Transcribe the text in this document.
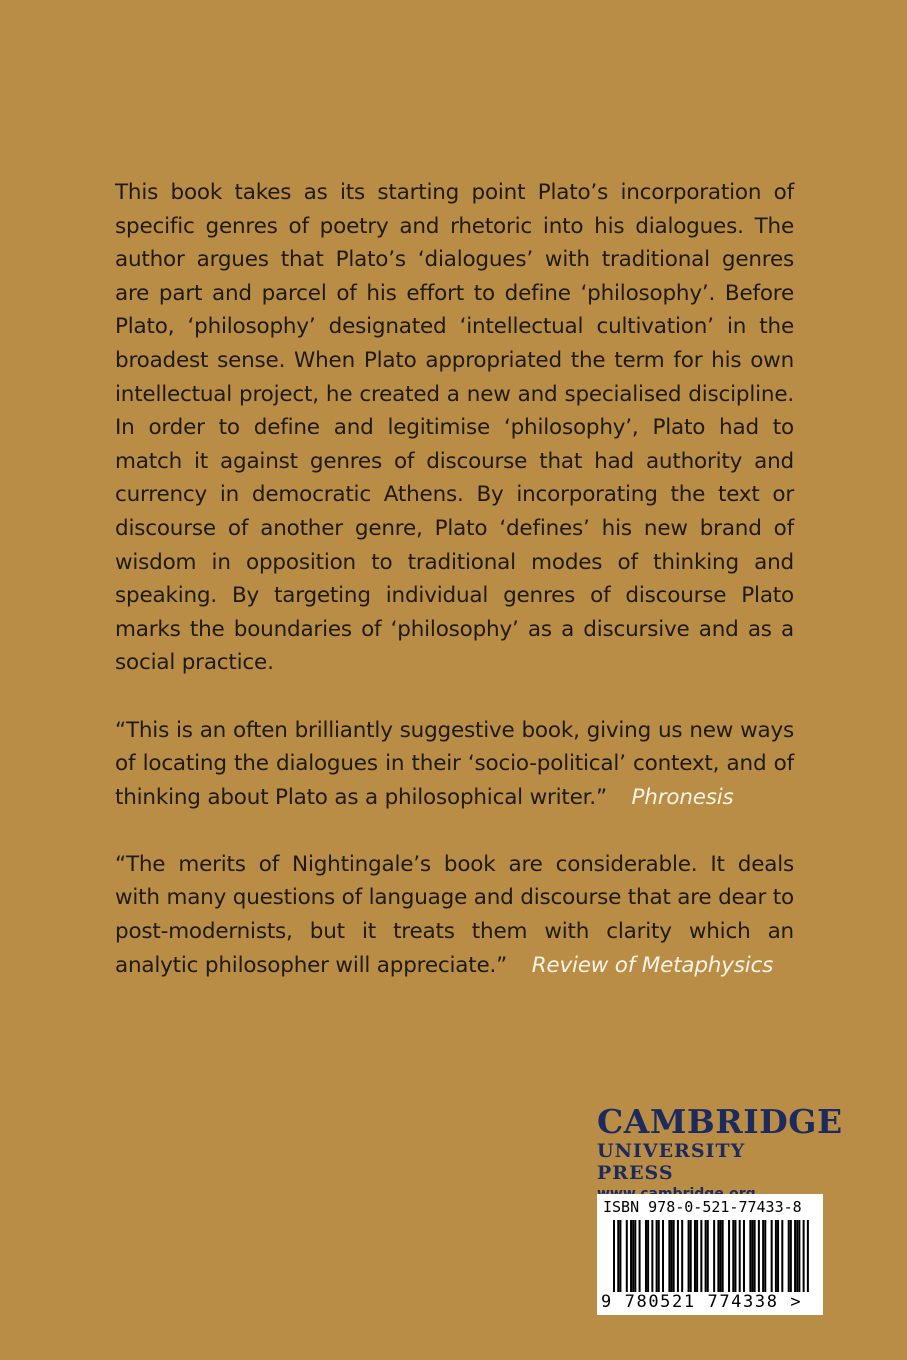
This book takes as its starting point Plato’s incorporation of specific genres of poetry and rhetoric into his dialogues. The author argues that Plato’s ‘dialogues’ with traditional genres are part and parcel of his effort to define ‘philosophy’. Before Plato, ‘philosophy’ designated ‘intellectual cultivation’ in the broadest sense. When Plato appropriated the term for his own intellectual project, he created a new and specialised discipline. In order to define and legitimise ‘philosophy’, Plato had to match it against genres of discourse that had authority and currency in democratic Athens. By incorporating the text or discourse of another genre, Plato ‘defines’ his new brand of wisdom in opposition to traditional modes of thinking and speaking. By targeting individual genres of discourse Plato marks the boundaries of ‘philosophy’ as a discursive and as a social practice.

“This is an often brilliantly suggestive book, giving us new ways of locating the dialogues in their ‘socio-political’ context, and of thinking about Plato as a philosophical writer.” Phronesis

“The merits of Nightingale’s book are considerable. It deals with many questions of language and discourse that are dear to post-modernists, but it treats them with clarity which an analytic philosopher will appreciate.” Review of Metaphysics

CAMBRIDGE
UNIVERSITY PRESS
ISBN 978-0-521-77433-8
9 780521 774338 >
